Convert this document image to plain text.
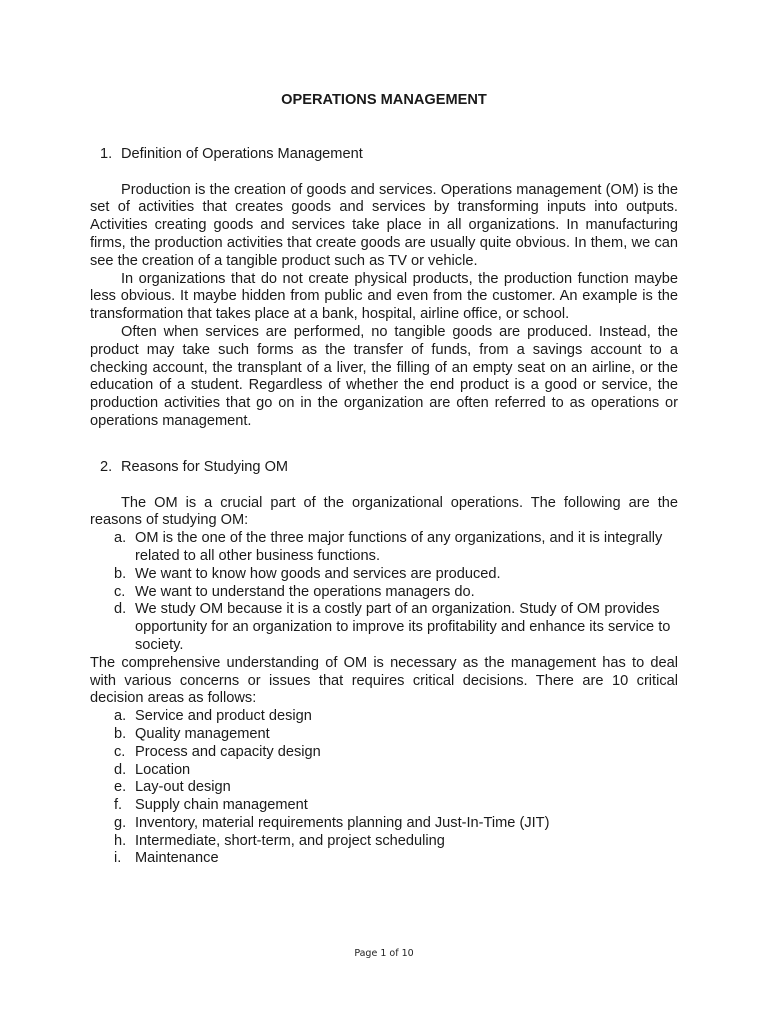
OPERATIONS MANAGEMENT
1. Definition of Operations Management

Production is the creation of goods and services. Operations management (OM) is the set of activities that creates goods and services by transforming inputs into outputs. Activities creating goods and services take place in all organizations. In manufacturing firms, the production activities that create goods are usually quite obvious. In them, we can see the creation of a tangible product such as TV or vehicle.

In organizations that do not create physical products, the production function maybe less obvious. It maybe hidden from public and even from the customer. An example is the transformation that takes place at a bank, hospital, airline office, or school.

Often when services are performed, no tangible goods are produced. Instead, the product may take such forms as the transfer of funds, from a savings account to a checking account, the transplant of a liver, the filling of an empty seat on an airline, or the education of a student. Regardless of whether the end product is a good or service, the production activities that go on in the organization are often referred to as operations or operations management.

2. Reasons for Studying OM

The OM is a crucial part of the organizational operations. The following are the reasons of studying OM:

a. OM is the one of the three major functions of any organizations, and it is integrally related to all other business functions.
b. We want to know how goods and services are produced.
c. We want to understand the operations managers do.
d. We study OM because it is a costly part of an organization. Study of OM provides opportunity for an organization to improve its profitability and enhance its service to society.

The comprehensive understanding of OM is necessary as the management has to deal with various concerns or issues that requires critical decisions. There are 10 critical decision areas as follows:

a. Service and product design
b. Quality management
c. Process and capacity design
d. Location
e. Lay-out design
f. Supply chain management
g. Inventory, material requirements planning and Just-In-Time (JIT)
h. Intermediate, short-term, and project scheduling
i. Maintenance
Page 1 of 10
